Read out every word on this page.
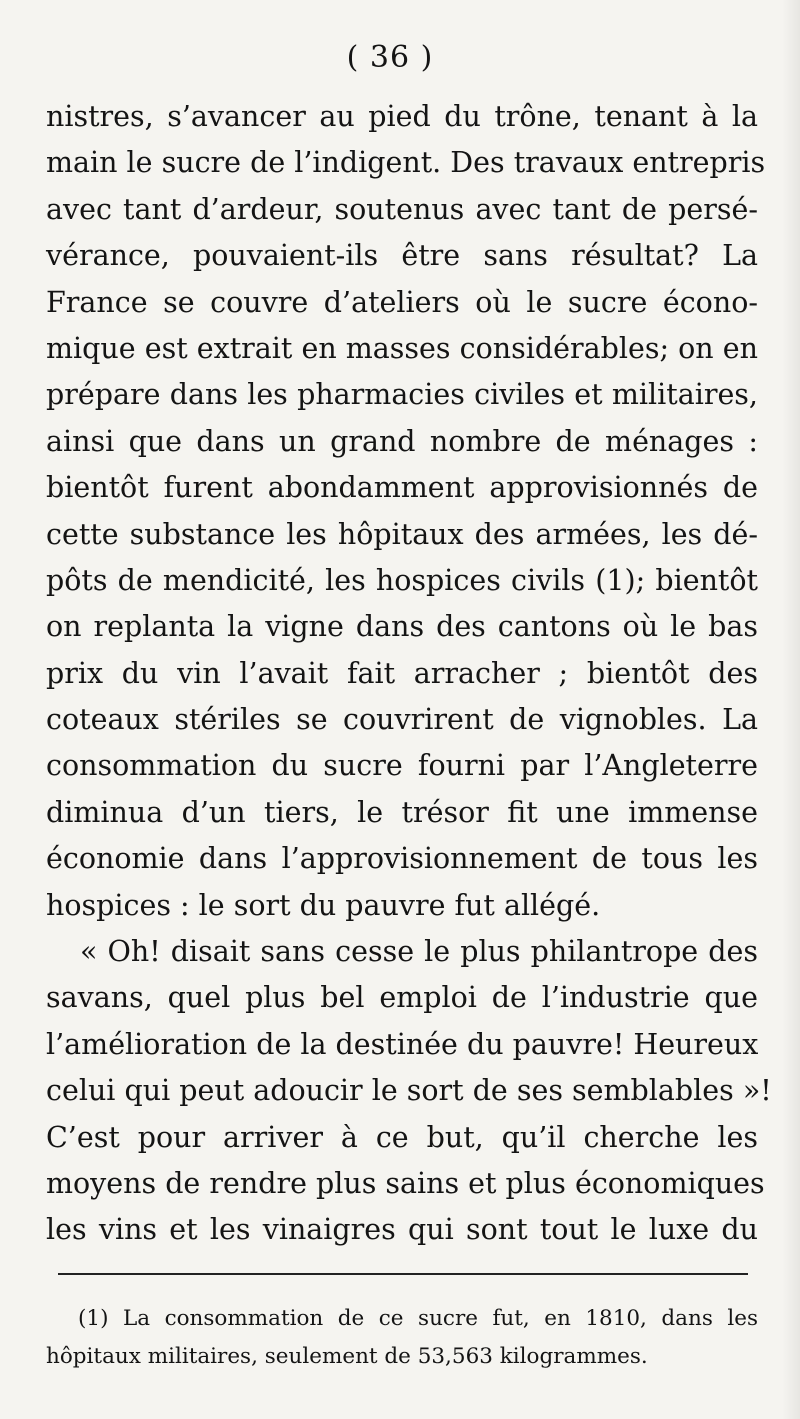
( 36 )
nistres, s’avancer au pied du trône, tenant à la
main le sucre de l’indigent. Des travaux entrepris
avec tant d’ardeur, soutenus avec tant de persé-
vérance, pouvaient-ils être sans résultat? La
France se couvre d’ateliers où le sucre écono-
mique est extrait en masses considérables; on en
prépare dans les pharmacies civiles et militaires,
ainsi que dans un grand nombre de ménages :
bientôt furent abondamment approvisionnés de
cette substance les hôpitaux des armées, les dé-
pôts de mendicité, les hospices civils (1); bientôt
on replanta la vigne dans des cantons où le bas
prix du vin l’avait fait arracher ; bientôt des
coteaux stériles se couvrirent de vignobles. La
consommation du sucre fourni par l’Angleterre
diminua d’un tiers, le trésor fit une immense
économie dans l’approvisionnement de tous les
hospices : le sort du pauvre fut allégé.
« Oh! disait sans cesse le plus philantrope des
savans, quel plus bel emploi de l’industrie que
l’amélioration de la destinée du pauvre! Heureux
celui qui peut adoucir le sort de ses semblables »!
C’est pour arriver à ce but, qu’il cherche les
moyens de rendre plus sains et plus économiques
les vins et les vinaigres qui sont tout le luxe du
(1) La consommation de ce sucre fut, en 1810, dans les
hôpitaux militaires, seulement de 53,563 kilogrammes.
